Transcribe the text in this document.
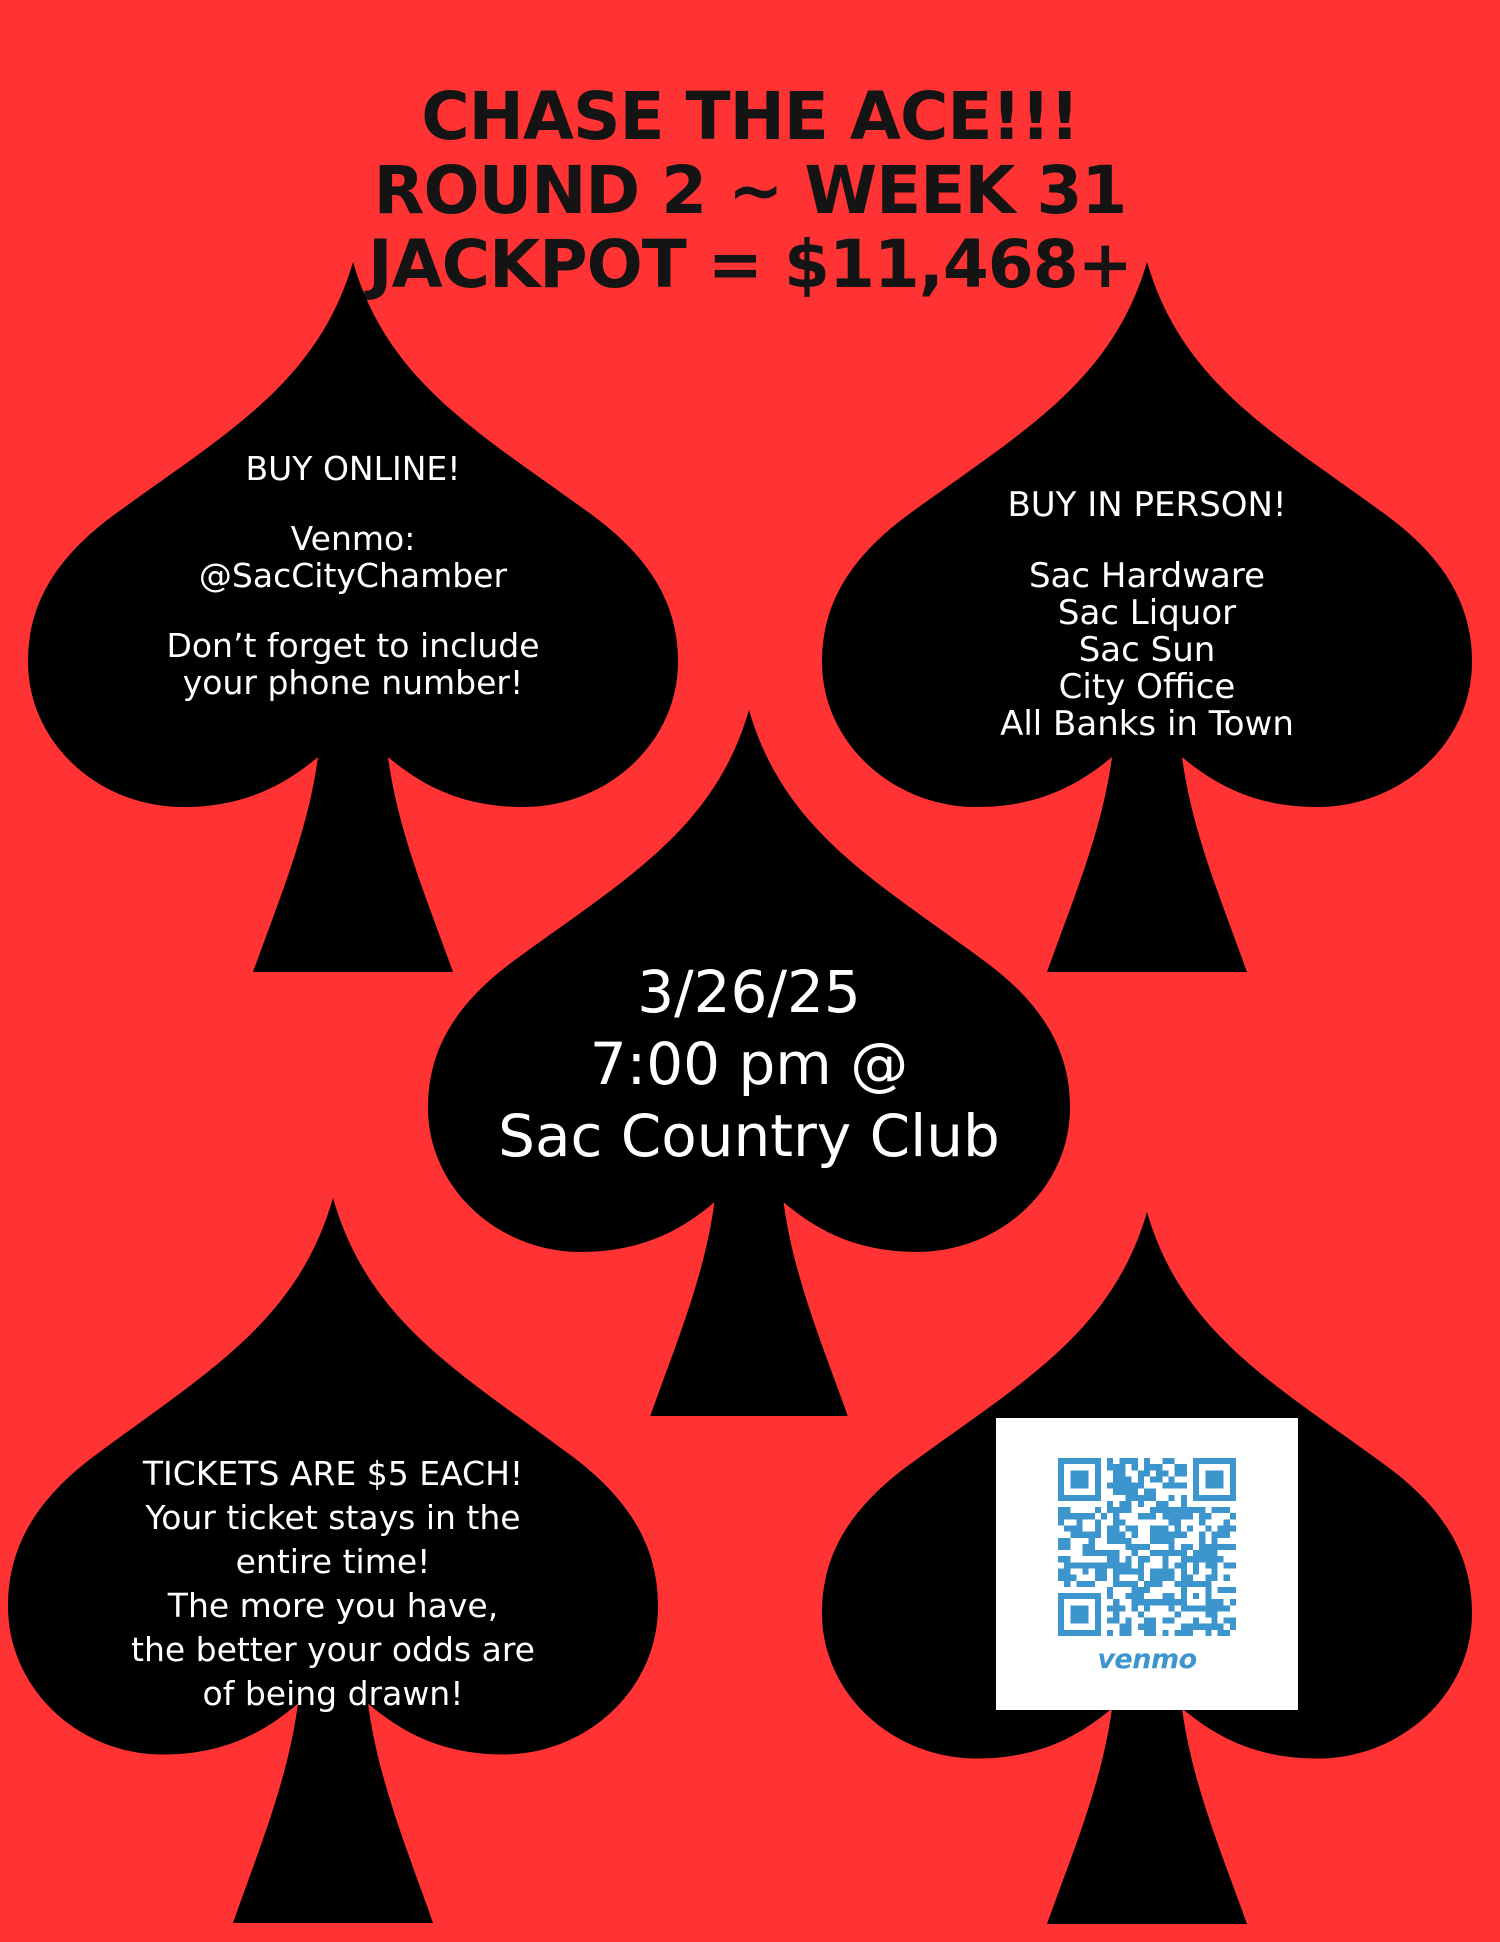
CHASE THE ACE!!!
ROUND 2 ~ WEEK 31
JACKPOT = $11,468+
BUY ONLINE!
Venmo:
@SacCityChamber
Don’t forget to include
your phone number!
BUY IN PERSON!
Sac Hardware
Sac Liquor
Sac Sun
City Office
All Banks in Town
3/26/25
7:00 pm @
Sac Country Club
TICKETS ARE $5 EACH!
Your ticket stays in the
entire time!
The more you have,
the better your odds are
of being drawn!
venmo
